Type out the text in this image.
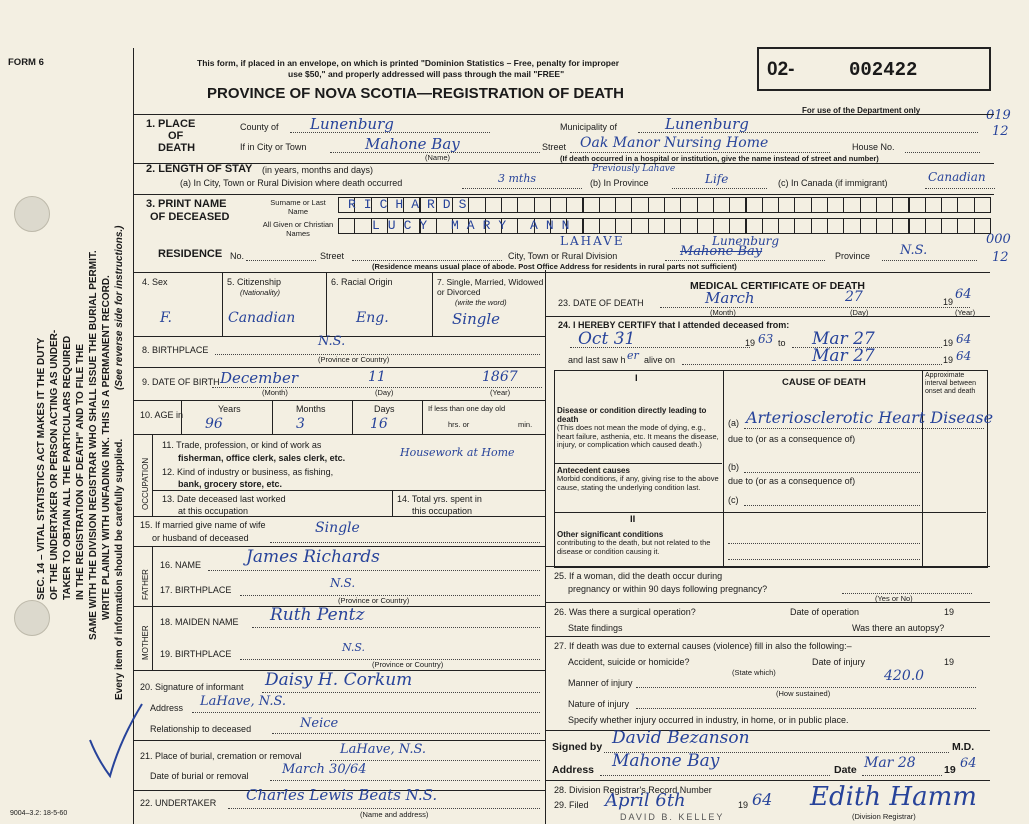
SEC. 14 – VITAL STATISTICS ACT MAKES IT THE DUTY OF THE UNDERTAKER OR PERSON ACTING AS UNDER- TAKER TO OBTAIN ALL THE PARTICULARS REQUIRED IN THE REGISTRATION OF DEATH" AND TO FILE THE SAME WITH THE DIVISION REGISTRAR WHO SHALL ISSUE THE BURIAL PERMIT. WRITE PLAINLY WITH UNFADING INK. THIS IS A PERMANENT RECORD. (See reverse side for instructions.)
Every item of information should be carefully supplied.
FORM 6
9004–3.2: 18-5-60
This form, if placed in an envelope, on which is printed "Dominion Statistics – Free, penalty for improper
use $50," and properly addressed will pass through the mail "FREE"
PROVINCE OF NOVA SCOTIA—REGISTRATION OF DEATH
02-	002422
For use of the Department only	019
12
000
12
1. PLACE
OF
DEATH
County of Lunenburg	Municipality of	Lunenburg
If in City or Town	Mahone Bay
(Name)
Street Oak Manor Nursing Home	House No.
(If death occurred in a hospital or institution, give the name instead of street and number)
2. LENGTH OF STAY (in years, months and days)
(a) In City, Town or Rural Division where death occurred	3 mths
Previously Lahave
(b) In Province	Life	(c) In Canada (if immigrant)	Canadian
3. PRINT NAME
OF DECEASED
Surname or Last Name
All Given or Christian Names
RICHARDS
LUCY MARY ANN
RESIDENCE No.	Street	City, Town or Rural Division
LAHAVE	Lunenburg
Mahone Bay	Province N.S.
(Residence means usual place of abode. Post Office Address for residents in rural parts not sufficient)
4. Sex
F.
5. Citizenship
(Nationality)
Canadian
6. Racial Origin
Eng.
7. Single, Married, Widowed or Divorced
(write the word)
Single
8. BIRTHPLACE
N.S.
(Province or Country)
9. DATE OF BIRTH December	11	1867
(Month)	(Day)	(Year)
10. AGE in
Years	Months	Days	If less than one day old
hrs. or	min.
96	3	16
OCCUPATION
11. Trade, profession, or kind of work as
fisherman, office clerk, sales clerk, etc.	Housework at Home
12. Kind of industry or business, as fishing,
bank, grocery store, etc.
13. Date deceased last worked
at this occupation
14. Total yrs. spent in
this occupation
15. If married give name of wife
or husband of deceased
Single
FATHER
16. NAME	James Richards
17. BIRTHPLACE	N.S.
(Province or Country)
MOTHER
18. MAIDEN NAME Ruth Pentz
19. BIRTHPLACE	N.S.
(Province or Country)
20. Signature of informant Daisy H. Corkum
Address LaHave, N.S.
Relationship to deceased	Neice
21. Place of burial, cremation or removal	LaHave, N.S.
Date of burial or removal	March 30/64
22. UNDERTAKER Charles Lewis Beats N.S.
(Name and address)
MEDICAL CERTIFICATE OF DEATH
23. DATE OF DEATH	March	27	19 64
(Month)	(Day)	(Year)
24. I HEREBY CERTIFY that I attended deceased from:
Oct 31	19 63 to Mar 27	19 64
and last saw h er alive on	Mar 27	19 64
I	CAUSE OF DEATH
Approximate interval between onset and death
Disease or condition directly leading to death
(This does not mean the mode of dying, e.g., heart failure, asthenia, etc. It means the disease, injury, or complication which caused death.)
(a) Arteriosclerotic Heart Disease
due to (or as a consequence of)
Antecedent causes
Morbid conditions, if any, giving rise to the above cause, stating the underlying condition last.
(b)
due to (or as a consequence of)
(c)
II
Other significant conditions
contributing to the death, but not related to the disease or condition causing it.
25. If a woman, did the death occur during
pregnancy or within 90 days following pregnancy?
(Yes or No)
26. Was there a surgical operation?	Date of operation	19
State findings	Was there an autopsy?
27. If death was due to external causes (violence) fill in also the following:–
Accident, suicide or homicide?	Date of injury	19
(State which)	420.0
Manner of injury
(How sustained)
Nature of injury
Specify whether injury occurred in industry, in home, or in public place.
Signed by David Bezanson	M.D.
Address Mahone Bay	Date Mar 28	19 64
28. Division Registrar's Record Number
29. Filed April 6th	19 64 Edith Hamm
(Division Registrar)
DAVID B. KELLEY
